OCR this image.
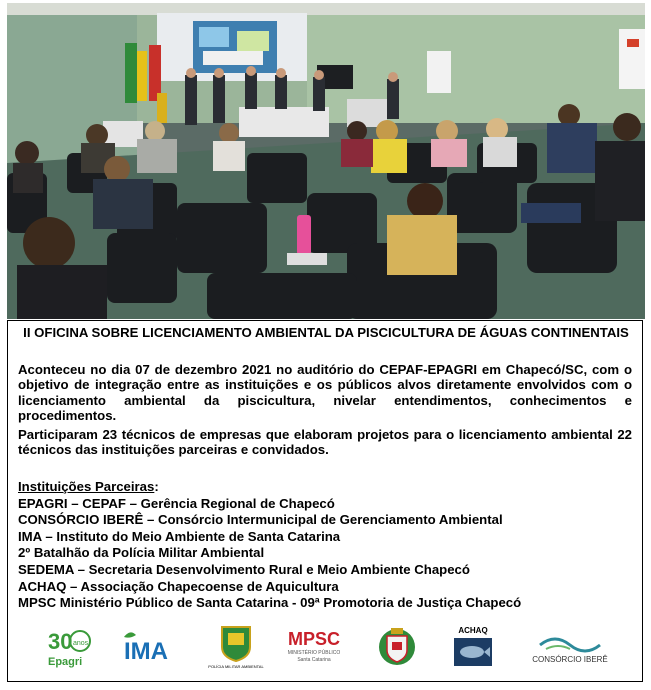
II OFICINA SOBRE LICENCIAMENTO AMBIENTAL DA PISCICULTURA DE ÁGUAS CONTINENTAIS
Aconteceu no dia 07 de dezembro 2021 no auditório do CEPAF-EPAGRI em Chapecó/SC, com o objetivo de integração entre as instituições e os públicos alvos diretamente envolvidos com o licenciamento ambiental da piscicultura, nivelar entendimentos, conhecimentos e procedimentos.
Participaram 23 técnicos de empresas que elaboram projetos para o licenciamento ambiental 22 técnicos das instituições parceiras e convidados.
Instituições Parceiras:
EPAGRI – CEPAF – Gerência Regional de Chapecó
CONSÓRCIO IBERÊ – Consórcio Intermunicipal de Gerenciamento Ambiental
IMA – Instituto do Meio Ambiente de Santa Catarina
2º Batalhão da Polícia Militar Ambiental
SEDEMA – Secretaria Desenvolvimento Rural e Meio Ambiente Chapecó
ACHAQ – Associação Chapecoense de Aquicultura
MPSC Ministério Público de Santa Catarina - 09ª Promotoria de Justiça Chapecó
30 anos
Epagri IMA
POLÍCIA MILITAR AMBIENTAL
MPSC
MINISTÉRIO PÚBLICO
Santa Catarina
ACHAQ
CONSÓRCIO IBERÊ
